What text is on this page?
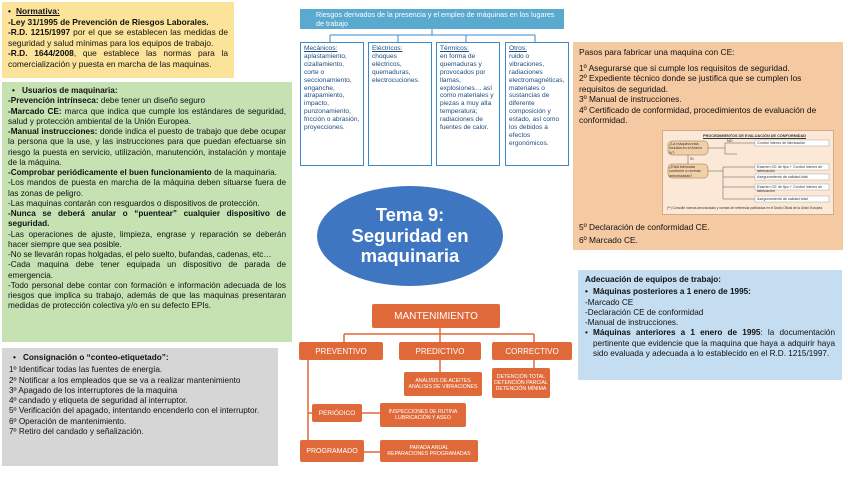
• Normativa:

-Ley 31/1995 de Prevención de Riesgos Laborales.

-R.D. 1215/1997 por el que se establecen las medidas de seguridad y salud mínimas para los equipos de trabajo.

-R.D. 1644/2008, que establece las normas para la comercialización y puesta en marcha de las maquinas.

• Usuarios de maquinaria:

-Prevención intrínseca: debe tener un diseño seguro

-Marcado CE: marca que indica que cumple los estándares de seguridad, salud y protección ambiental de la Unión Europea.

-Manual instrucciones: donde indica el puesto de trabajo que debe ocupar la persona que la use, y las instrucciones para que puedan efectuarse sin riesgo la puesta en servicio, utilización, manutención, instalación y montaje de la máquina.

-Comprobar periódicamente el buen funcionamiento de la maquinaria.

-Los mandos de puesta en marcha de la máquina deben situarse fuera de las zonas de peligro.

-Las maquinas contarán con resguardos o dispositivos de protección.

-Nunca se deberá anular o “puentear” cualquier dispositivo de seguridad.

-Las operaciones de ajuste, limpieza, engrase y reparación se deberán hacer siempre que sea posible.

-No se llevarán ropas holgadas, el pelo suelto, bufandas, cadenas, etc…

-Cada maquina debe tener equipada un dispositivo de parada de emergencia.

-Todo personal debe contar con formación e información adecuada de los riesgos que implica su trabajo, además de que las maquinas presentaran medidas de protección colectiva y/o en su defecto EPIs.

• Consignación o “conteo-etiquetado”:

1º Identificar todas las fuentes de energía.

2º Notificar a los empleados que se va a realizar mantenimiento

3º Apagado de los interruptores de la maquina

4º candado y etiqueta de seguridad al interruptor.

5º Verificación del apagado, intentando encenderlo con el interruptor.

6º Operación de mantenimiento.

7º Retiro del candado y señalización.

Riesgos derivados de la presencia y el empleo de máquinas en los lugares de trabajo
Mecánicos:
aplastamiento, cizallamiento, corte o seccionamiento, enganche, atrapamiento, impacto, punzonamiento, fricción o abrasión, proyecciones.
Eléctricos:
choques eléctricos, quemaduras, electrocuciones.
Térmicos:
en forma de quemaduras y provocados por llamas, explosiones… así como materiales y piezas a muy alta temperatura; radiaciones de fuentes de calor.
Otros:
ruido o vibraciones, radiaciones electromagnéticas, materiales o sustancias de diferente composición y estado, así como los debidos a efectos ergonómicos.
Tema 9:
Seguridad en
maquinaria

Pasos para fabricar una maquina con CE:

1º Asegurarse que si cumple los requisitos de seguridad.

2º Expediente técnico donde se justifica que se cumplen los requisitos de seguridad.

3º Manual de instrucciones.

4º Certificado de conformidad, procedimientos de evaluación de conformidad.

5º Declaración de conformidad CE.

6º Marcado CE.

PROCEDIMIENTOS DE EVALUACIÓN DE CONFORMIDAD
¿La máquina está incluida en el Anexo IV?
¿Está fabricada conforme a normas armonizadas?
NO
SI
Control interno de fabricación
Examen CE de tipo + Control interno de fabricación
Aseguramiento de calidad total
Examen CE de tipo + Control interno de fabricación
Aseguramiento de calidad total
(**) Consulte normas armonizadas y normas de referencia publicadas en el Diario Oficial de la Unión Europea.

Adecuación de equipos de trabajo:

• Máquinas posteriores a 1 enero de 1995:

-Marcado CE

-Declaración CE de conformidad

-Manual de instrucciones.

• Máquinas anteriores a 1 enero de 1995: la documentación pertinente que evidencie que la maquina que haya a adquirir haya sido evaluada y adecuada a lo establecido en el R.D. 1215/1997.

MANTENIMIENTO
PREVENTIVO	PREDICTIVO	CORRECTIVO
ANÁLISIS DE ACEITES
ANÁLISIS DE VIBRACIONES
DETENCIÓN TOTAL
DETENCIÓN PARCIAL
DETENCIÓN MÍNIMA
PERIÓDICO	INSPECCIONES DE RUTINA
LUBRICACIÓN Y ASEO
PROGRAMADO	PARADA ANUAL
REPARACIONES PROGRAMADAS
